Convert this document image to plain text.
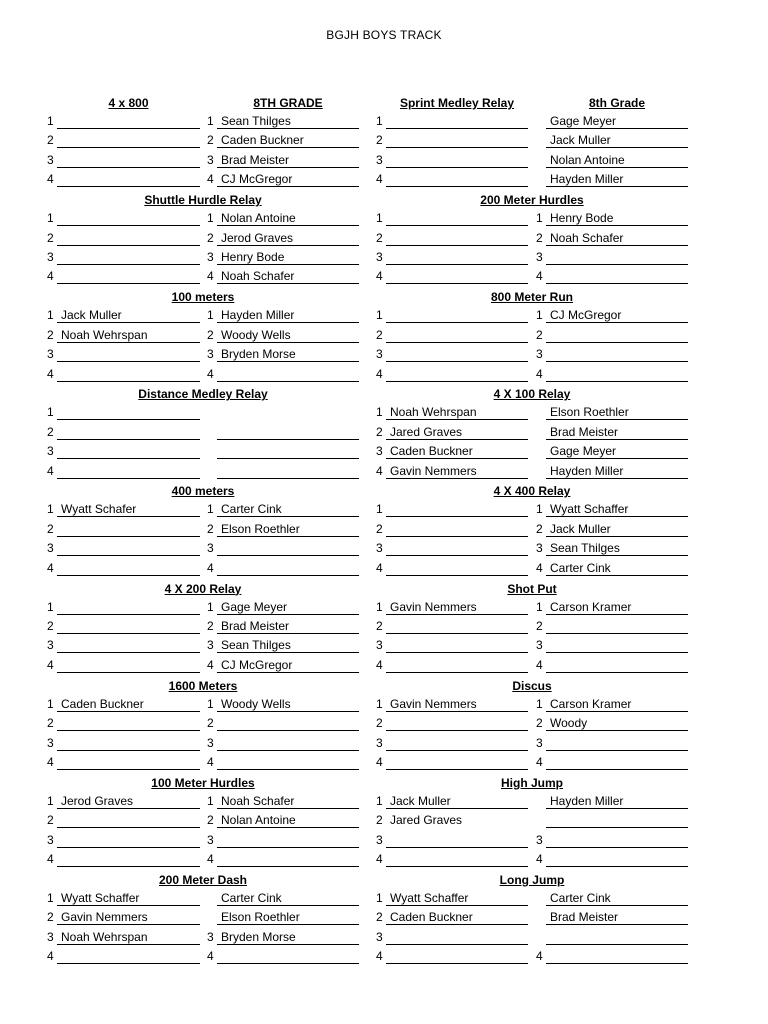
BGJH BOYS TRACK
4 x 800	8TH GRADE
1	1 Sean Thilges
2	2 Caden Buckner
3	3 Brad Meister
4	4 CJ McGregor
Sprint Medley Relay	8th Grade
1	Gage Meyer
2	Jack Muller
3	Nolan Antoine
4	Hayden Miller
Shuttle Hurdle Relay
1	1 Nolan Antoine
2	2 Jerod Graves
3	3 Henry Bode
4	4 Noah Schafer
200 Meter Hurdles
1	1 Henry Bode
2	2 Noah Schafer
3	3
4	4
100 meters
1 Jack Muller	1 Hayden Miller
2 Noah Wehrspan	2 Woody Wells
3	3 Bryden Morse
4	4
800 Meter Run
1	1 CJ McGregor
2	2
3	3
4	4
Distance Medley Relay
1
2
3
4
4 X 100 Relay
1 Noah Wehrspan	Elson Roethler
2 Jared Graves	Brad Meister
3 Caden Buckner	Gage Meyer
4 Gavin Nemmers	Hayden Miller
400 meters
1 Wyatt Schafer	1 Carter Cink
2	2 Elson Roethler
3	3
4	4
4 X 400 Relay
1	1 Wyatt Schaffer
2	2 Jack Muller
3	3 Sean Thilges
4	4 Carter Cink
4 X 200 Relay
1	1 Gage Meyer
2	2 Brad Meister
3	3 Sean Thilges
4	4 CJ McGregor
Shot Put
1 Gavin Nemmers	1 Carson Kramer
2	2
3	3
4	4
1600 Meters
1 Caden Buckner	1 Woody Wells
2	2
3	3
4	4
Discus
1 Gavin Nemmers	1 Carson Kramer
2	2 Woody
3	3
4	4
100 Meter Hurdles
1 Jerod Graves	1 Noah Schafer
2	2 Nolan Antoine
3	3
4	4
High Jump
1 Jack Muller	Hayden Miller
2 Jared Graves
3	3
4	4
200 Meter Dash
1 Wyatt Schaffer	Carter Cink
2 Gavin Nemmers	Elson Roethler
3 Noah Wehrspan	3 Bryden Morse
4	4
Long Jump
1 Wyatt Schaffer	Carter Cink
2 Caden Buckner	Brad Meister
3
4	4
